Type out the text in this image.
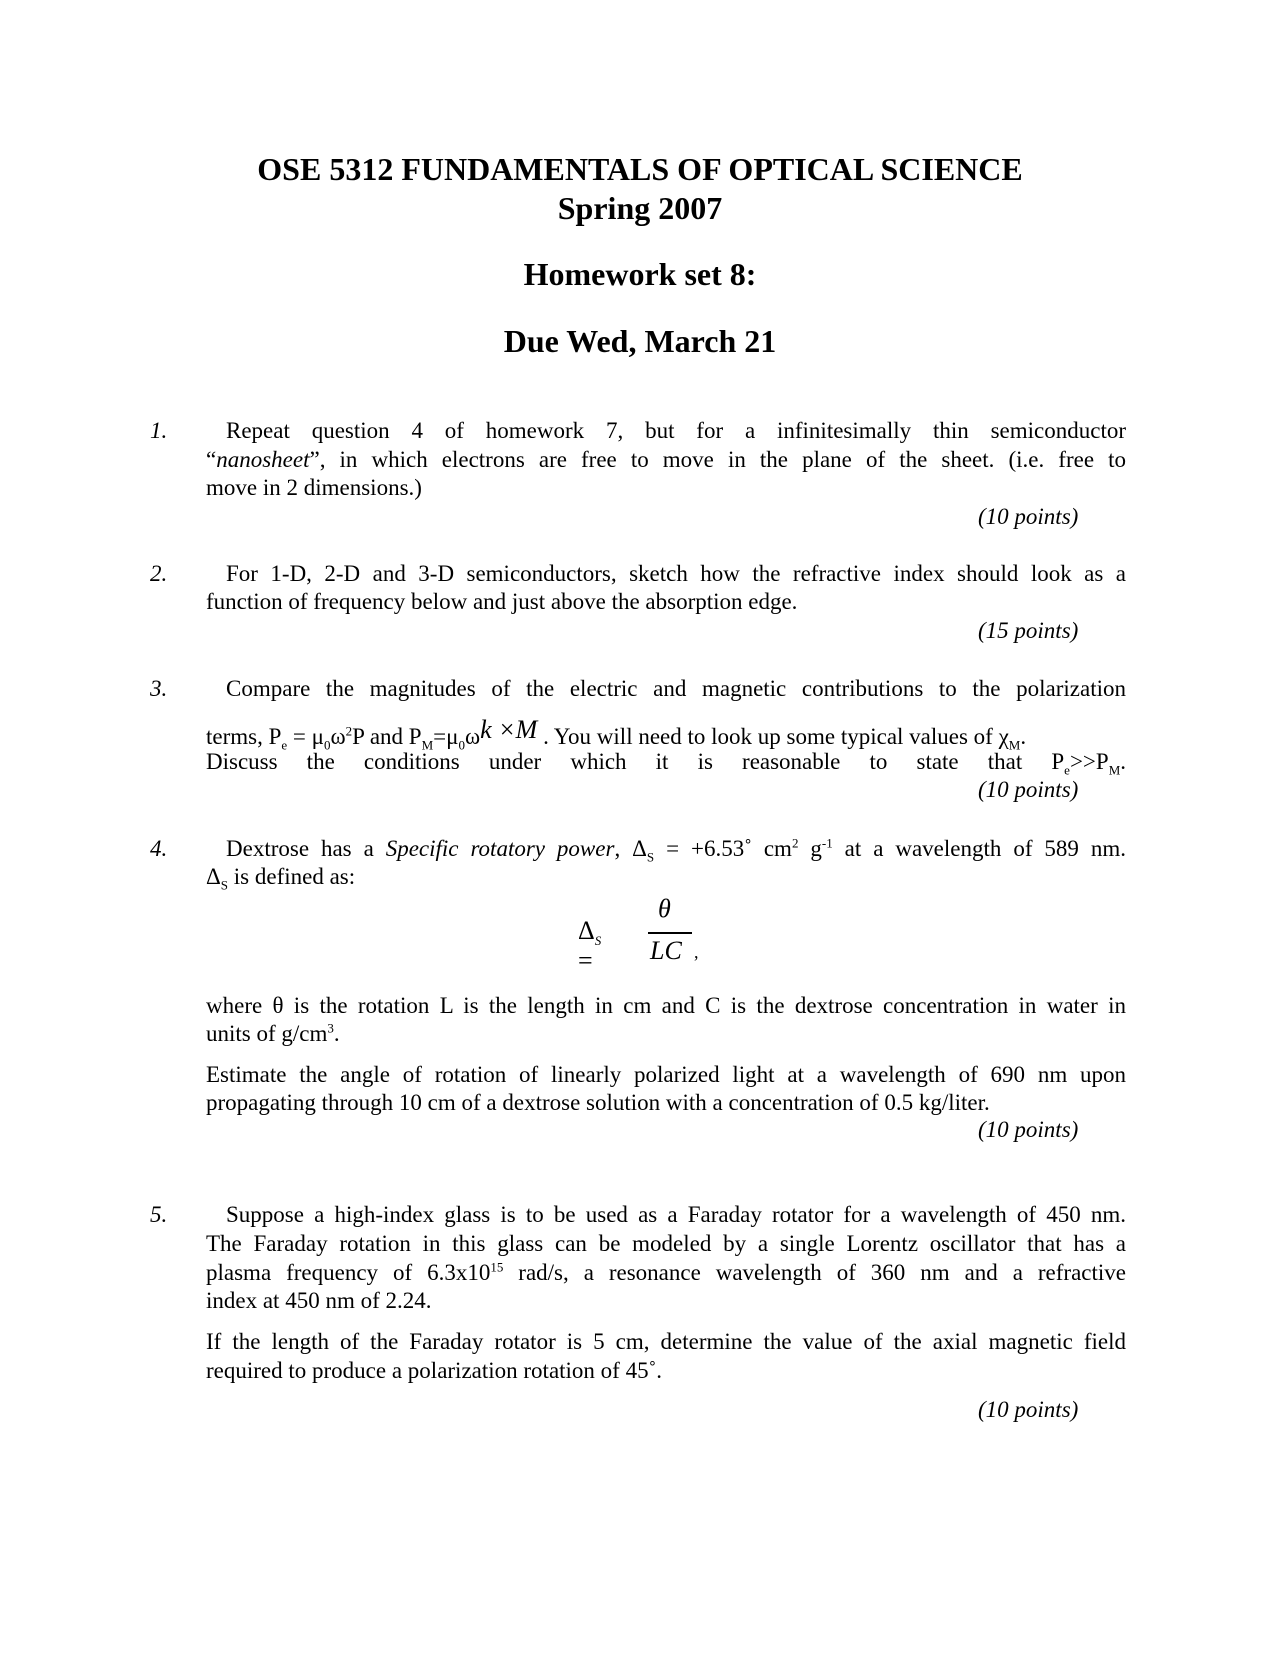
OSE 5312 FUNDAMENTALS OF OPTICAL SCIENCE
Spring 2007
Homework set 8:
Due Wed, March 21
1.	Repeat question 4 of homework 7, but for a infinitesimally thin semiconductor
“nanosheet”, in which electrons are free to move in the plane of the sheet. (i.e. free to
move in 2 dimensions.)
(10 points)
2.	For 1-D, 2-D and 3-D semiconductors, sketch how the refractive index should look as a
function of frequency below and just above the absorption edge.
(15 points)
3.	Compare the magnitudes of the electric and magnetic contributions to the polarization
terms, $P_e = \mu_0\omega^2P$ and $P_M=\mu_0\omega k \times M$ . You will need to look up some typical values of $\chi_M$.
Discuss the conditions under which it is reasonable to state that $P_e>>P_M$.
(10 points)
4.	Dextrose has a Specific rotatory power, $\Delta_S$ = +6.53˚ $cm^2$ $g^{-1}$ at a wavelength of 589 nm.
$\Delta_S$ is defined as:
$\Delta_S$ =
θ
LC ,
where θ is the rotation L is the length in cm and C is the dextrose concentration in water in
units of $g/cm^3$.
Estimate the angle of rotation of linearly polarized light at a wavelength of 690 nm upon
propagating through 10 cm of a dextrose solution with a concentration of 0.5 kg/liter.
(10 points)
5.	Suppose a high-index glass is to be used as a Faraday rotator for a wavelength of 450 nm.
The Faraday rotation in this glass can be modeled by a single Lorentz oscillator that has a
plasma frequency of $6.3x10^{15}$ rad/s, a resonance wavelength of 360 nm and a refractive
index at 450 nm of 2.24.
If the length of the Faraday rotator is 5 cm, determine the value of the axial magnetic field
required to produce a polarization rotation of 45˚.
(10 points)
